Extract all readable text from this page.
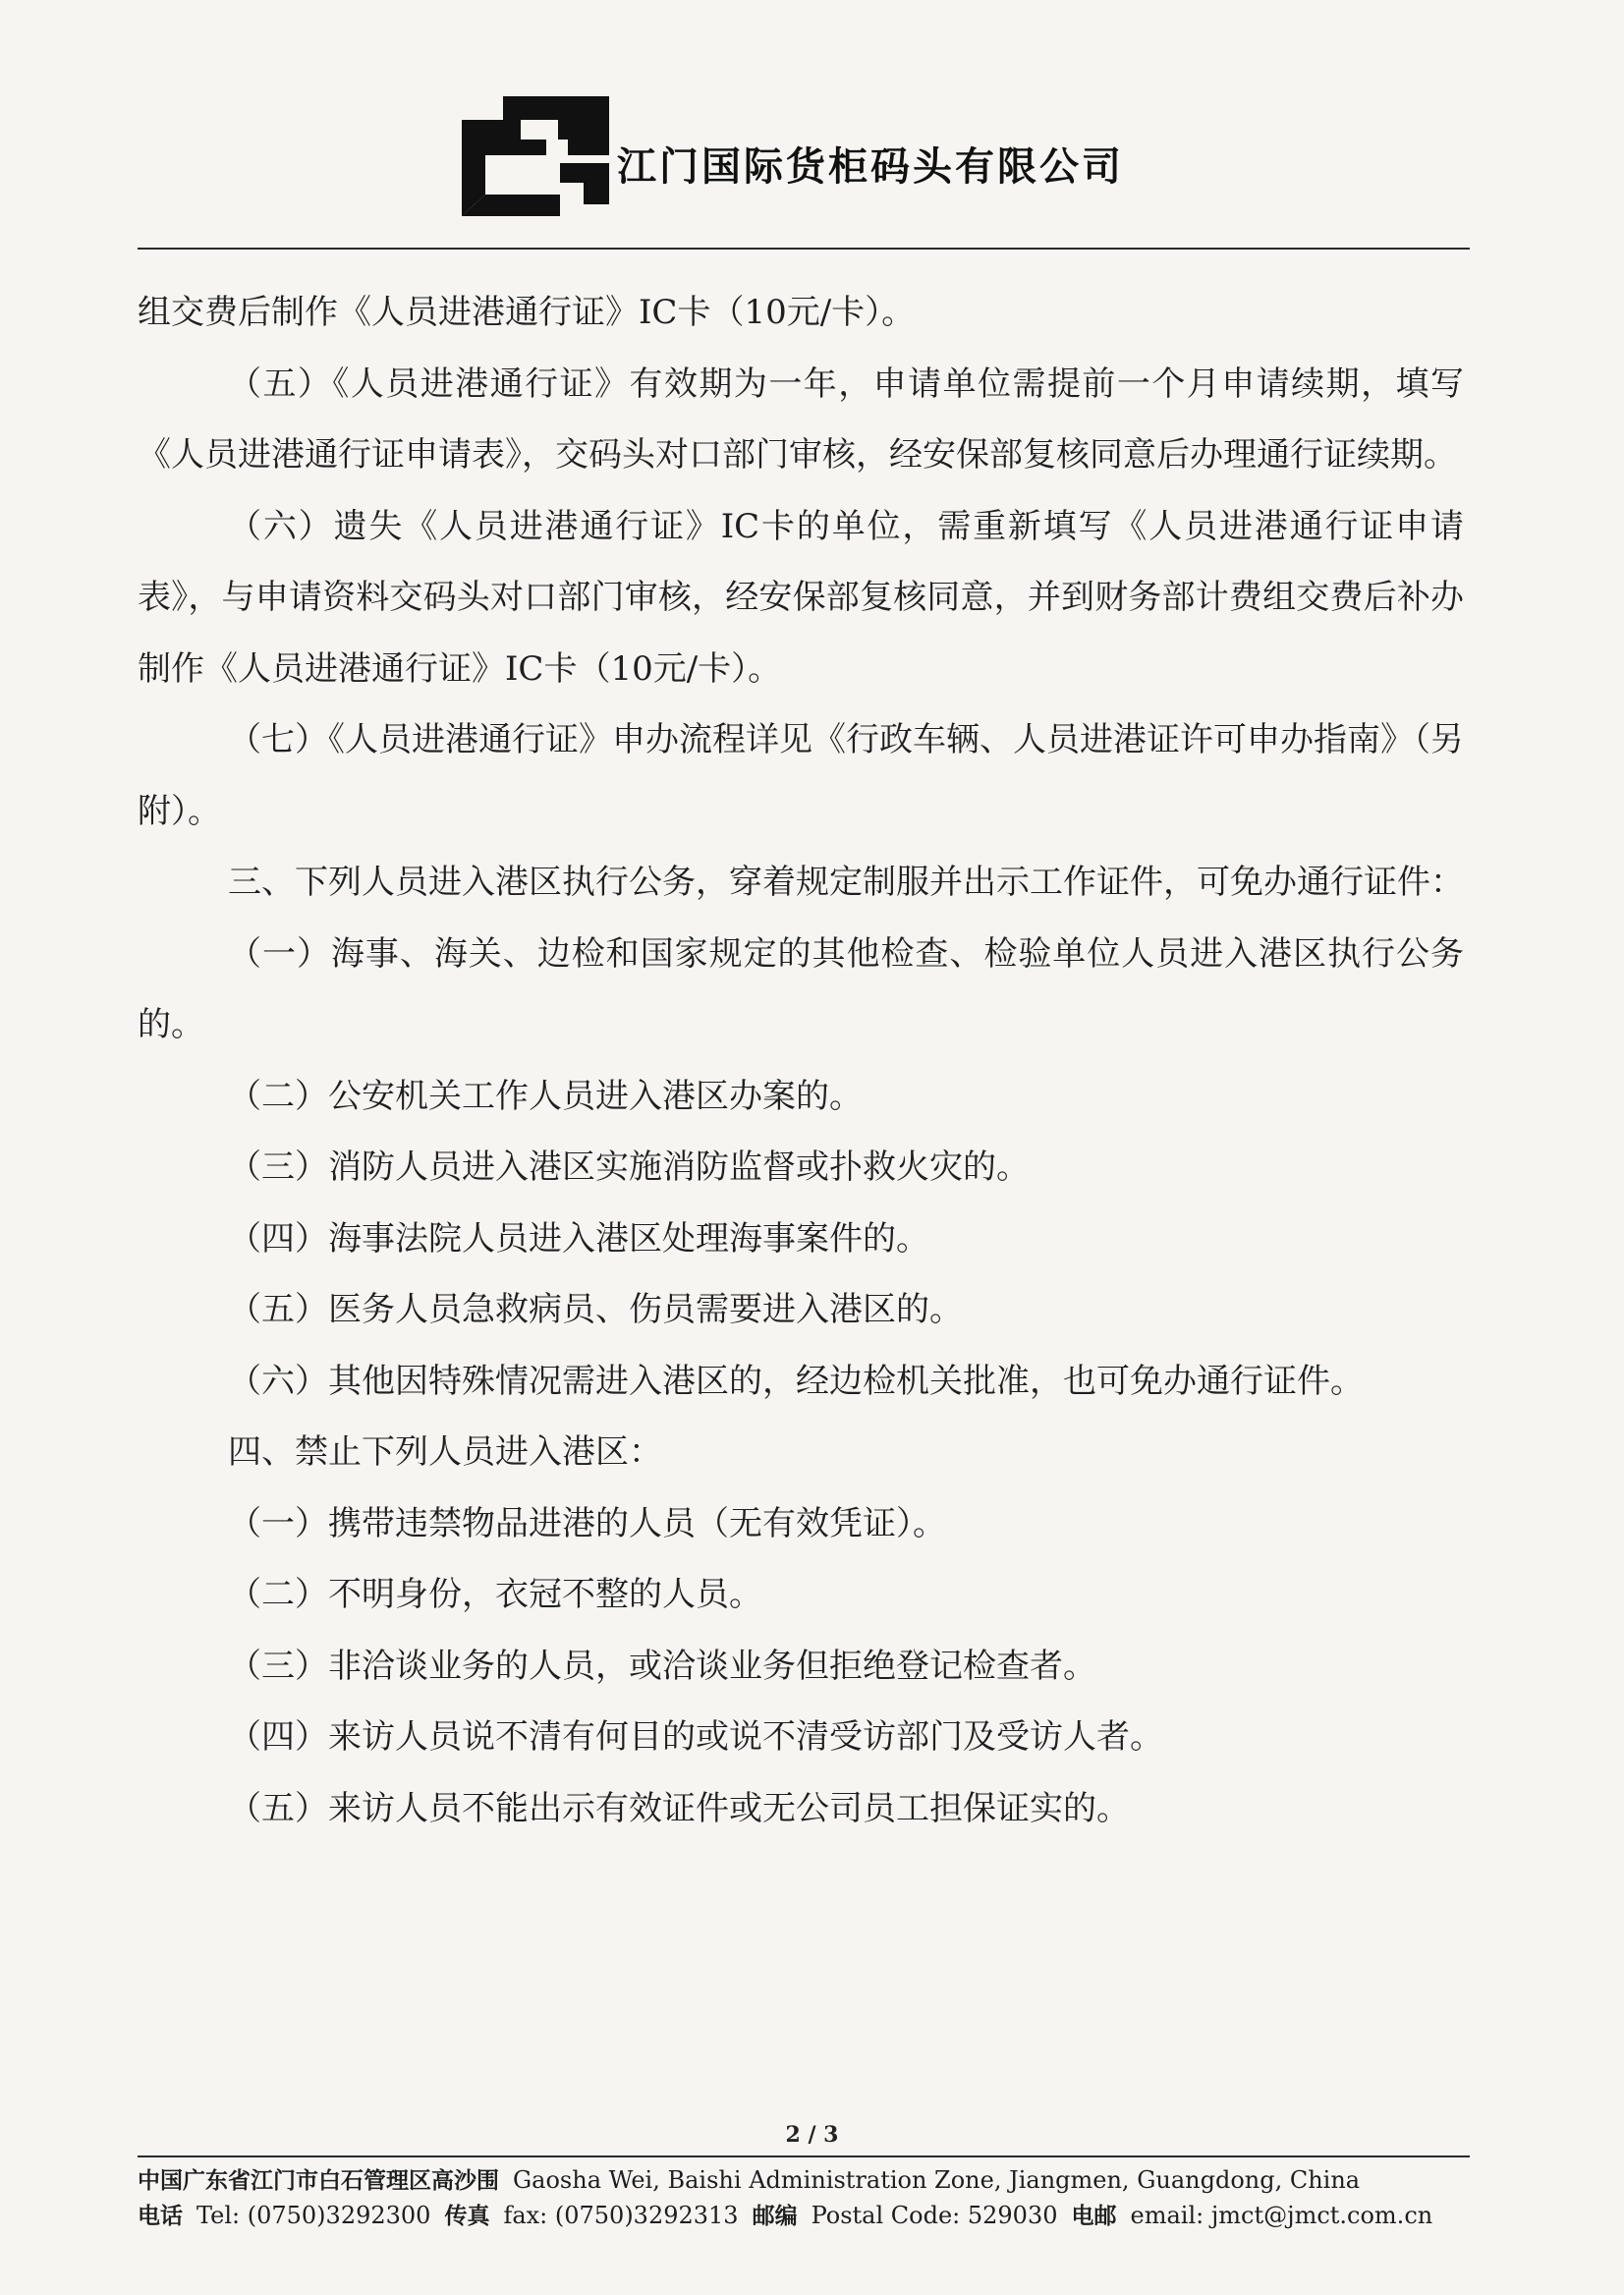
江门国际货柜码头有限公司

组交费后制作《人员进港通行证》IC卡（10元/卡）。

（五）《人员进港通行证》有效期为一年，申请单位需提前一个月申请续期，填写《人员进港通行证申请表》，交码头对口部门审核，经安保部复核同意后办理通行证续期。

（六）遗失《人员进港通行证》IC卡的单位，需重新填写《人员进港通行证申请表》，与申请资料交码头对口部门审核，经安保部复核同意，并到财务部计费组交费后补办制作《人员进港通行证》IC卡（10元/卡）。

（七）《人员进港通行证》申办流程详见《行政车辆、人员进港证许可申办指南》（另附）。

三、下列人员进入港区执行公务，穿着规定制服并出示工作证件，可免办通行证件：

（一）海事、海关、边检和国家规定的其他检查、检验单位人员进入港区执行公务的。

（二）公安机关工作人员进入港区办案的。

（三）消防人员进入港区实施消防监督或扑救火灾的。

（四）海事法院人员进入港区处理海事案件的。

（五）医务人员急救病员、伤员需要进入港区的。

（六）其他因特殊情况需进入港区的，经边检机关批准，也可免办通行证件。

四、禁止下列人员进入港区：

（一）携带违禁物品进港的人员（无有效凭证）。

（二）不明身份，衣冠不整的人员。

（三）非洽谈业务的人员，或洽谈业务但拒绝登记检查者。

（四）来访人员说不清有何目的或说不清受访部门及受访人者。

（五）来访人员不能出示有效证件或无公司员工担保证实的。

2 / 3
中国广东省江门市白石管理区高沙围 Gaosha Wei, Baishi Administration Zone, Jiangmen, Guangdong, China
电话 Tel: (0750)3292300 传真 fax: (0750)3292313 邮编 Postal Code: 529030 电邮 email: jmct@jmct.com.cn
